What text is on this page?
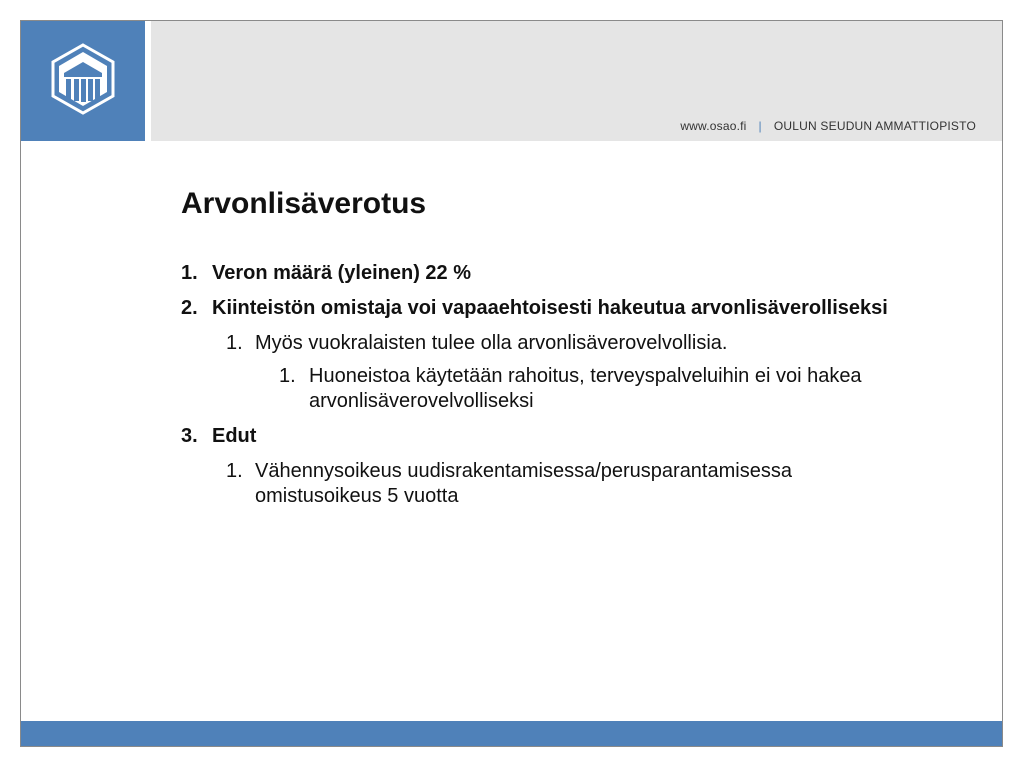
www.osao.fi | OULUN SEUDUN AMMATTIOPISTO
Arvonlisäverotus
1. Veron määrä (yleinen) 22 %
2. Kiinteistön omistaja voi vapaaehtoisesti hakeutua arvonlisäverolliseksi
1. Myös vuokralaisten tulee olla arvonlisäverovelvollisia.
1. Huoneistoa käytetään rahoitus, terveyspalveluihin ei voi hakea arvonlisäverovelvolliseksi
3. Edut
1. Vähennysoikeus uudisrakentamisessa/perusparantamisessa omistusoikeus 5 vuotta
